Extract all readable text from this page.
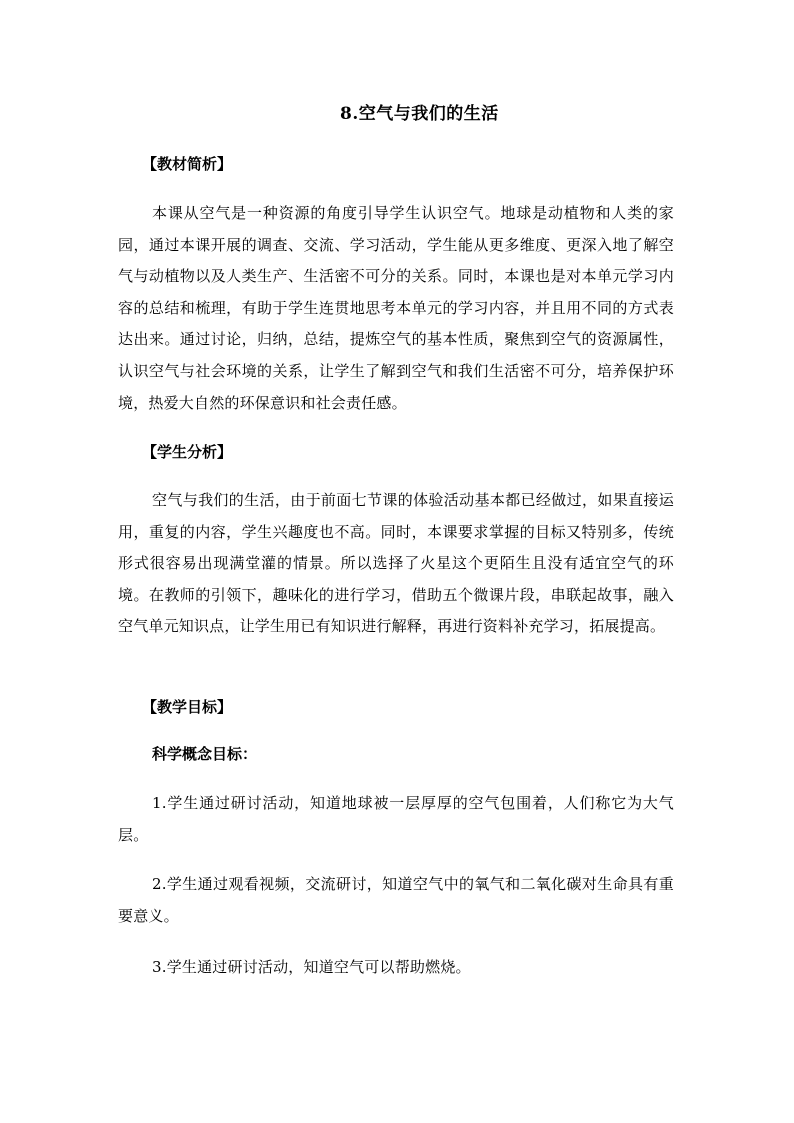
8.空气与我们的生活
【教材简析】
本课从空气是一种资源的角度引导学生认识空气。地球是动植物和人类的家园，通过本课开展的调查、交流、学习活动，学生能从更多维度、更深入地了解空气与动植物以及人类生产、生活密不可分的关系。同时，本课也是对本单元学习内容的总结和梳理，有助于学生连贯地思考本单元的学习内容，并且用不同的方式表达出来。通过讨论，归纳，总结，提炼空气的基本性质，聚焦到空气的资源属性，认识空气与社会环境的关系，让学生了解到空气和我们生活密不可分，培养保护环境，热爱大自然的环保意识和社会责任感。
【学生分析】
空气与我们的生活，由于前面七节课的体验活动基本都已经做过，如果直接运用，重复的内容，学生兴趣度也不高。同时，本课要求掌握的目标又特别多，传统形式很容易出现满堂灌的情景。所以选择了火星这个更陌生且没有适宜空气的环境。在教师的引领下，趣味化的进行学习，借助五个微课片段，串联起故事，融入空气单元知识点，让学生用已有知识进行解释，再进行资料补充学习，拓展提高。
【教学目标】
科学概念目标：
1.学生通过研讨活动，知道地球被一层厚厚的空气包围着，人们称它为大气层。
2.学生通过观看视频，交流研讨，知道空气中的氧气和二氧化碳对生命具有重要意义。
3.学生通过研讨活动，知道空气可以帮助燃烧。
